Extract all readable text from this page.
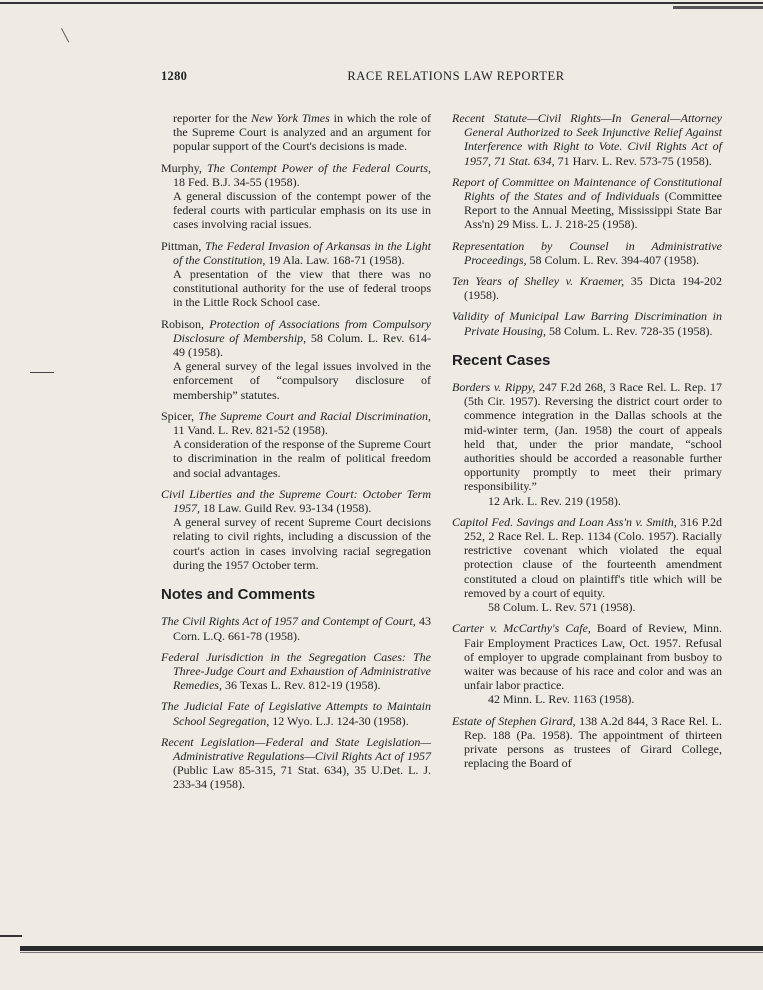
╱
1280	RACE RELATIONS LAW REPORTER
reporter for the New York Times in which the role of the Supreme Court is analyzed and an argument for popular support of the Court's decisions is made.
Murphy, The Contempt Power of the Federal Courts, 18 Fed. B.J. 34-55 (1958).
A general discussion of the contempt power of the federal courts with particular emphasis on its use in cases involving racial issues.
Pittman, The Federal Invasion of Arkansas in the Light of the Constitution, 19 Ala. Law. 168-71 (1958).
A presentation of the view that there was no constitutional authority for the use of federal troops in the Little Rock School case.
Robison, Protection of Associations from Compulsory Disclosure of Membership, 58 Colum. L. Rev. 614-49 (1958).
A general survey of the legal issues involved in the enforcement of “compulsory disclosure of membership” statutes.
Spicer, The Supreme Court and Racial Discrimination, 11 Vand. L. Rev. 821-52 (1958).
A consideration of the response of the Supreme Court to discrimination in the realm of political freedom and social advantages.
Civil Liberties and the Supreme Court: October Term 1957, 18 Law. Guild Rev. 93-134 (1958).
A general survey of recent Supreme Court decisions relating to civil rights, including a discussion of the court's action in cases involving racial segregation during the 1957 October term.
Notes and Comments
The Civil Rights Act of 1957 and Contempt of Court, 43 Corn. L.Q. 661-78 (1958).
Federal Jurisdiction in the Segregation Cases: The Three-Judge Court and Exhaustion of Administrative Remedies, 36 Texas L. Rev. 812-19 (1958).
The Judicial Fate of Legislative Attempts to Maintain School Segregation, 12 Wyo. L.J. 124-30 (1958).
Recent Legislation—Federal and State Legislation—Administrative Regulations—Civil Rights Act of 1957 (Public Law 85-315, 71 Stat. 634), 35 U.Det. L. J. 233-34 (1958).
Recent Statute—Civil Rights—In General—Attorney General Authorized to Seek Injunctive Relief Against Interference with Right to Vote. Civil Rights Act of 1957, 71 Stat. 634, 71 Harv. L. Rev. 573-75 (1958).
Report of Committee on Maintenance of Constitutional Rights of the States and of Individuals (Committee Report to the Annual Meeting, Mississippi State Bar Ass'n) 29 Miss. L. J. 218-25 (1958).
Representation by Counsel in Administrative Proceedings, 58 Colum. L. Rev. 394-407 (1958).
Ten Years of Shelley v. Kraemer, 35 Dicta 194-202 (1958).
Validity of Municipal Law Barring Discrimination in Private Housing, 58 Colum. L. Rev. 728-35 (1958).
Recent Cases
Borders v. Rippy, 247 F.2d 268, 3 Race Rel. L. Rep. 17 (5th Cir. 1957). Reversing the district court order to commence integration in the Dallas schools at the mid-winter term, (Jan. 1958) the court of appeals held that, under the prior mandate, “school authorities should be accorded a reasonable further opportunity promptly to meet their primary responsibility.”
12 Ark. L. Rev. 219 (1958).
Capitol Fed. Savings and Loan Ass'n v. Smith, 316 P.2d 252, 2 Race Rel. L. Rep. 1134 (Colo. 1957). Racially restrictive covenant which violated the equal protection clause of the fourteenth amendment constituted a cloud on plaintiff's title which will be removed by a court of equity.
58 Colum. L. Rev. 571 (1958).
Carter v. McCarthy's Cafe, Board of Review, Minn. Fair Employment Practices Law, Oct. 1957. Refusal of employer to upgrade complainant from busboy to waiter was because of his race and color and was an unfair labor practice.
42 Minn. L. Rev. 1163 (1958).
Estate of Stephen Girard, 138 A.2d 844, 3 Race Rel. L. Rep. 188 (Pa. 1958). The appointment of thirteen private persons as trustees of Girard College, replacing the Board of
